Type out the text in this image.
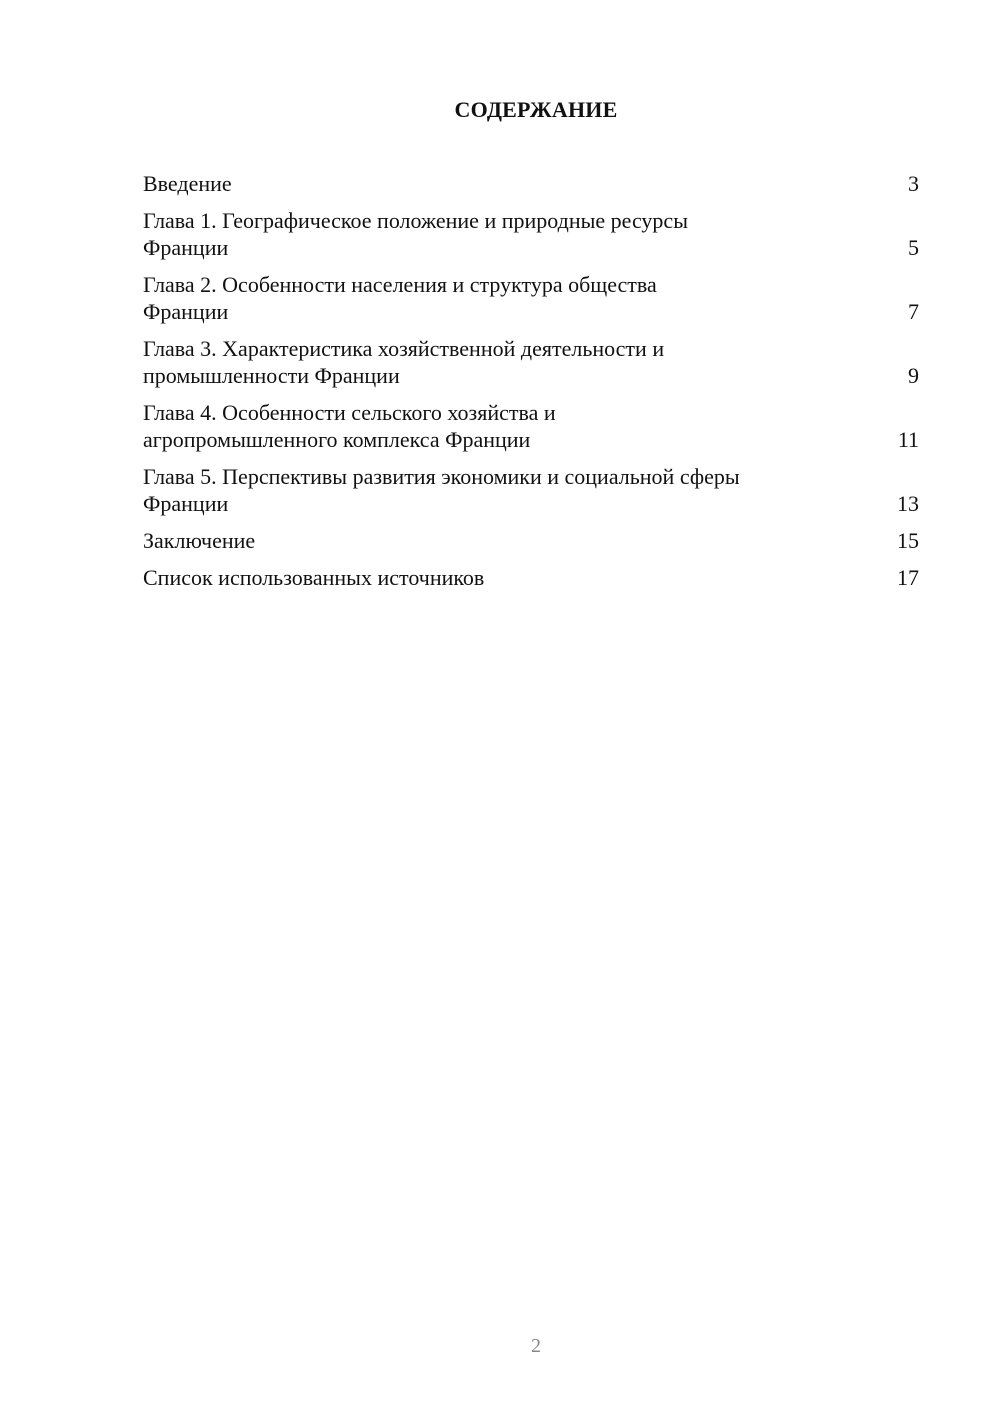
СОДЕРЖАНИЕ
Введение	3
Глава 1. Географическое положение и природные ресурсы
Франции	5
Глава 2. Особенности населения и структура общества
Франции	7
Глава 3. Характеристика хозяйственной деятельности и
промышленности Франции	9
Глава 4. Особенности сельского хозяйства и
агропромышленного комплекса Франции	11
Глава 5. Перспективы развития экономики и социальной сферы
Франции	13
Заключение	15
Список использованных источников	17
2
